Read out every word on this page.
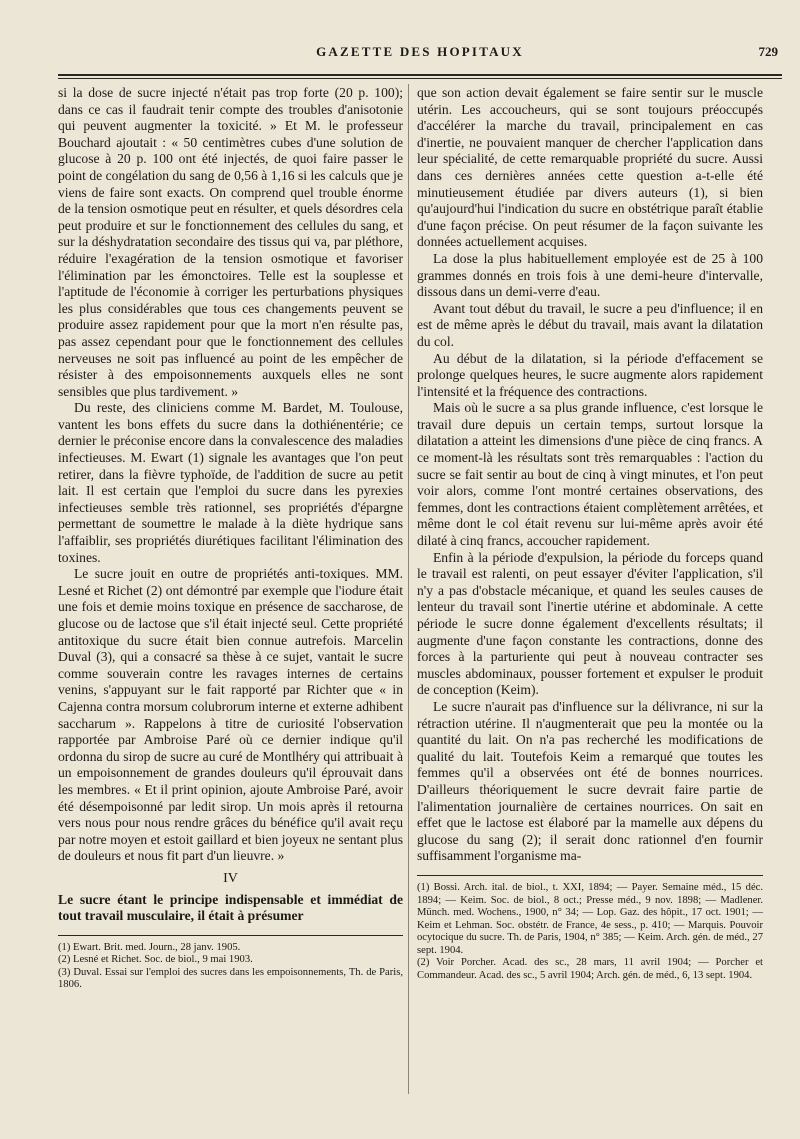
GAZETTE DES HOPITAUX	729

si la dose de sucre injecté n'était pas trop forte (20 p. 100); dans ce cas il faudrait tenir compte des troubles d'anisotonie qui peuvent augmenter la toxicité. » Et M. le professeur Bouchard ajoutait : « 50 centimètres cubes d'une solution de glucose à 20 p. 100 ont été injectés, de quoi faire passer le point de congélation du sang de 0,56 à 1,16 si les calculs que je viens de faire sont exacts. On comprend quel trouble énorme de la tension osmotique peut en résulter, et quels désordres cela peut produire et sur le fonctionnement des cellules du sang, et sur la déshydratation secondaire des tissus qui va, par pléthore, réduire l'exagération de la tension osmotique et favoriser l'élimination par les émonctoires. Telle est la souplesse et l'aptitude de l'économie à corriger les perturbations physiques les plus considérables que tous ces changements peuvent se produire assez rapidement pour que la mort n'en résulte pas, pas assez cependant pour que le fonctionnement des cellules nerveuses ne soit pas influencé au point de les empêcher de résister à des empoisonnements auxquels elles ne sont sensibles que plus tardivement. »

Du reste, des cliniciens comme M. Bardet, M. Toulouse, vantent les bons effets du sucre dans la dothiénentérie; ce dernier le préconise encore dans la convalescence des maladies infectieuses. M. Ewart (1) signale les avantages que l'on peut retirer, dans la fièvre typhoïde, de l'addition de sucre au petit lait. Il est certain que l'emploi du sucre dans les pyrexies infectieuses semble très rationnel, ses propriétés d'épargne permettant de soumettre le malade à la diète hydrique sans l'affaiblir, ses propriétés diurétiques facilitant l'élimination des toxines.

Le sucre jouit en outre de propriétés anti-toxiques. MM. Lesné et Richet (2) ont démontré par exemple que l'iodure était une fois et demie moins toxique en présence de saccharose, de glucose ou de lactose que s'il était injecté seul. Cette propriété antitoxique du sucre était bien connue autrefois. Marcelin Duval (3), qui a consacré sa thèse à ce sujet, vantait le sucre comme souverain contre les ravages internes de certains venins, s'appuyant sur le fait rapporté par Richter que « in Cajenna contra morsum colubrorum interne et externe adhibent saccharum ». Rappelons à titre de curiosité l'observation rapportée par Ambroise Paré où ce dernier indique qu'il ordonna du sirop de sucre au curé de Montlhéry qui attribuait à un empoisonnement de grandes douleurs qu'il éprouvait dans les membres. « Et il print opinion, ajoute Ambroise Paré, avoir été désempoisonné par ledit sirop. Un mois après il retourna vers nous pour nous rendre grâces du bénéfice qu'il avait reçu par notre moyen et estoit gaillard et bien joyeux ne sentant plus de douleurs et nous fit part d'un lieuvre. »

IV

Le sucre étant le principe indispensable et immédiat de tout travail musculaire, il était à présumer

(1) Ewart. Brit. med. Journ., 28 janv. 1905.
(2) Lesné et Richet. Soc. de biol., 9 mai 1903.
(3) Duval. Essai sur l'emploi des sucres dans les empoisonnements, Th. de Paris, 1806.

que son action devait également se faire sentir sur le muscle utérin. Les accoucheurs, qui se sont toujours préoccupés d'accélérer la marche du travail, principalement en cas d'inertie, ne pouvaient manquer de chercher l'application dans leur spécialité, de cette remarquable propriété du sucre. Aussi dans ces dernières années cette question a-t-elle été minutieusement étudiée par divers auteurs (1), si bien qu'aujourd'hui l'indication du sucre en obstétrique paraît établie d'une façon précise. On peut résumer de la façon suivante les données actuellement acquises.

La dose la plus habituellement employée est de 25 à 100 grammes donnés en trois fois à une demi-heure d'intervalle, dissous dans un demi-verre d'eau.

Avant tout début du travail, le sucre a peu d'influence; il en est de même après le début du travail, mais avant la dilatation du col.

Au début de la dilatation, si la période d'effacement se prolonge quelques heures, le sucre augmente alors rapidement l'intensité et la fréquence des contractions.

Mais où le sucre a sa plus grande influence, c'est lorsque le travail dure depuis un certain temps, surtout lorsque la dilatation a atteint les dimensions d'une pièce de cinq francs. A ce moment-là les résultats sont très remarquables : l'action du sucre se fait sentir au bout de cinq à vingt minutes, et l'on peut voir alors, comme l'ont montré certaines observations, des femmes, dont les contractions étaient complètement arrêtées, et même dont le col était revenu sur lui-même après avoir été dilaté à cinq francs, accoucher rapidement.

Enfin à la période d'expulsion, la période du forceps quand le travail est ralenti, on peut essayer d'éviter l'application, s'il n'y a pas d'obstacle mécanique, et quand les seules causes de lenteur du travail sont l'inertie utérine et abdominale. A cette période le sucre donne également d'excellents résultats; il augmente d'une façon constante les contractions, donne des forces à la parturiente qui peut à nouveau contracter ses muscles abdominaux, pousser fortement et expulser le produit de conception (Keim).

Le sucre n'aurait pas d'influence sur la délivrance, ni sur la rétraction utérine. Il n'augmenterait que peu la montée ou la quantité du lait. On n'a pas recherché les modifications de qualité du lait. Toutefois Keim a remarqué que toutes les femmes qu'il a observées ont été de bonnes nourrices. D'ailleurs théoriquement le sucre devrait faire partie de l'alimentation journalière de certaines nourrices. On sait en effet que le lactose est élaboré par la mamelle aux dépens du glucose du sang (2); il serait donc rationnel d'en fournir suffisamment l'organisme ma-

(1) Bossi. Arch. ital. de biol., t. XXI, 1894; — Payer. Semaine méd., 15 déc. 1894; — Keim. Soc. de biol., 8 oct.; Presse méd., 9 nov. 1898; — Madlener. Münch. med. Wochens., 1900, n° 34; — Lop. Gaz. des hôpit., 17 oct. 1901; — Keim et Lehman. Soc. obstétr. de France, 4e sess., p. 410; — Marquis. Pouvoir ocytocique du sucre. Th. de Paris, 1904, n° 385; — Keim. Arch. gén. de méd., 27 sept. 1904.
(2) Voir Porcher. Acad. des sc., 28 mars, 11 avril 1904; — Porcher et Commandeur. Acad. des sc., 5 avril 1904; Arch. gén. de méd., 6, 13 sept. 1904.
